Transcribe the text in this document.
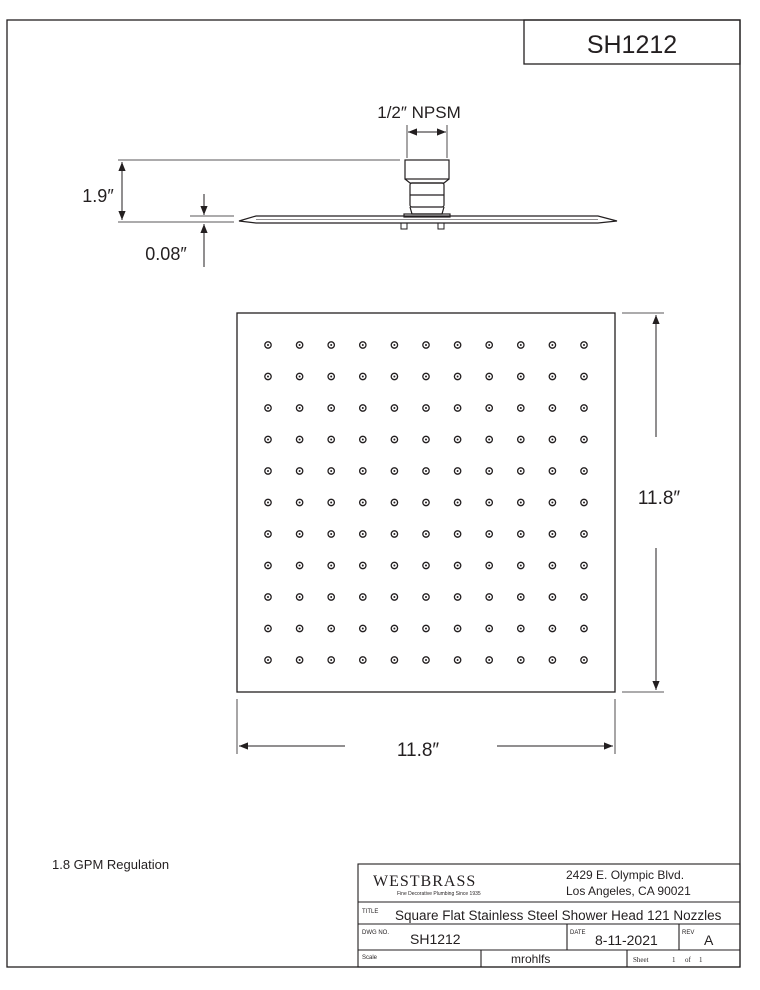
SH1212
1/2″ NPSM
1.9″
0.08″
11.8″
11.8″
1.8 GPM Regulation
WESTBRASS
Fine Decorative Plumbing Since 1935
2429 E. Olympic Blvd.
Los Angeles, CA 90021
TITLE Square Flat Stainless Steel Shower Head 121 Nozzles
DWG NO. SH1212	DATE 8-11-2021	REV A
Scale	mrohlfs	Sheet	1 of 1
